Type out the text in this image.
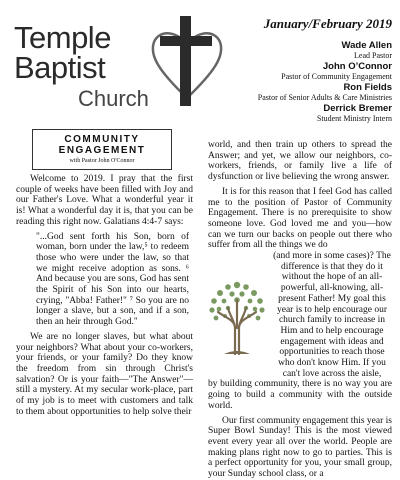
Temple
Baptist
Church
January/February 2019
Wade Allen
Lead Pastor
John O’Connor
Pastor of Community Engagement
Ron Fields
Pastor of Senior Adults & Care Ministries
Derrick Bremer
Student Ministry Intern
COMMUNITY
ENGAGEMENT
with Pastor John O'Connor

Welcome to 2019. I pray that the first couple of weeks have been filled with Joy and our Father's Love. What a wonderful year it is! What a wonderful day it is, that you can be reading this right now. Galatians 4:4-7 says:

"...God sent forth his Son, born of woman, born under the law,⁵ to redeem those who were under the law, so that we might receive adoption as sons. ⁶ And because you are sons, God has sent the Spirit of his Son into our hearts, crying, "Abba! Father!" ⁷ So you are no longer a slave, but a son, and if a son, then an heir through God."

We are no longer slaves, but what about your neighbors? What about your co-workers, your friends, or your family? Do they know the freedom from sin through Christ's salvation? Or is your faith—"The Answer"—still a mystery. At my secular work-place, part of my job is to meet with customers and talk to them about opportunities to help solve their

world, and then train up others to spread the Answer; and yet, we allow our neighbors, co-workers, friends, or family live a life of dysfunction or live believing the wrong answer.

It is for this reason that I feel God has called me to the position of Pastor of Community Engagement. There is no prerequisite to show someone love. God loved me and you—how can we turn our backs on people out there who suffer from all the things we do

(and more in some cases)? The difference is that they do it without the hope of an all-powerful, all-knowing, all-present Father! My goal this year is to help encourage our church family to increase in Him and to help encourage engagement with ideas and opportunities to reach those who don't know Him. If you can't love across the aisle,

by building community, there is no way you are going to build a community with the outside world.

Our first community engagement this year is Super Bowl Sunday! This is the most viewed event every year all over the world. People are making plans right now to go to parties. This is a perfect opportunity for you, your small group, your Sunday school class, or a
